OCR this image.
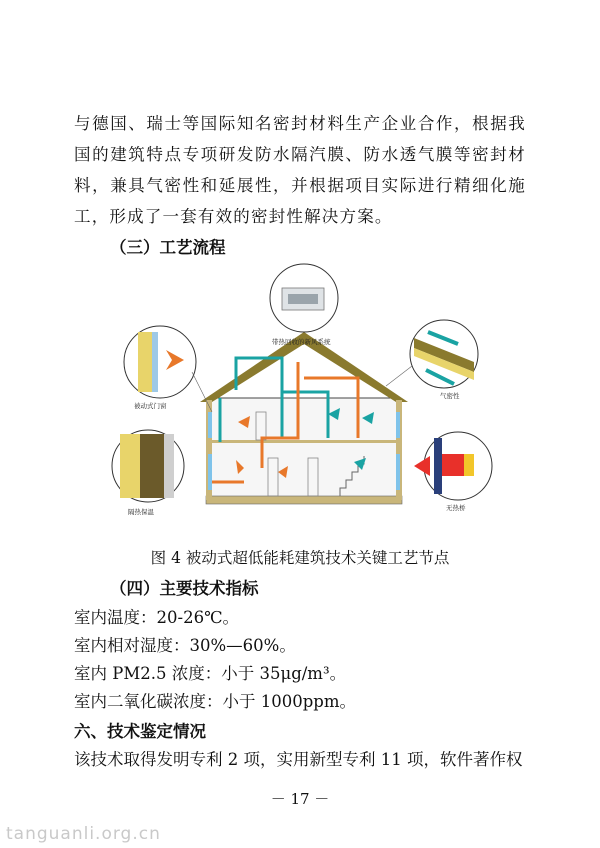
与德国、瑞士等国际知名密封材料生产企业合作，根据我国的建筑特点专项研发防水隔汽膜、防水透气膜等密封材料，兼具气密性和延展性，并根据项目实际进行精细化施工，形成了一套有效的密封性解决方案。

（三）工艺流程
带热回收的新风系统
被动式门窗
气密性
隔热保温	无热桥
图 4 被动式超低能耗建筑技术关键工艺节点
（四）主要技术指标
室内温度：20-26℃。
室内相对湿度：30%—60%。
室内 PM2.5 浓度：小于 35μg/m³。
室内二氧化碳浓度：小于 1000ppm。
六、技术鉴定情况
该技术取得发明专利 2 项，实用新型专利 11 项，软件著作权
－ 17 －
tanguanli.org.cn
